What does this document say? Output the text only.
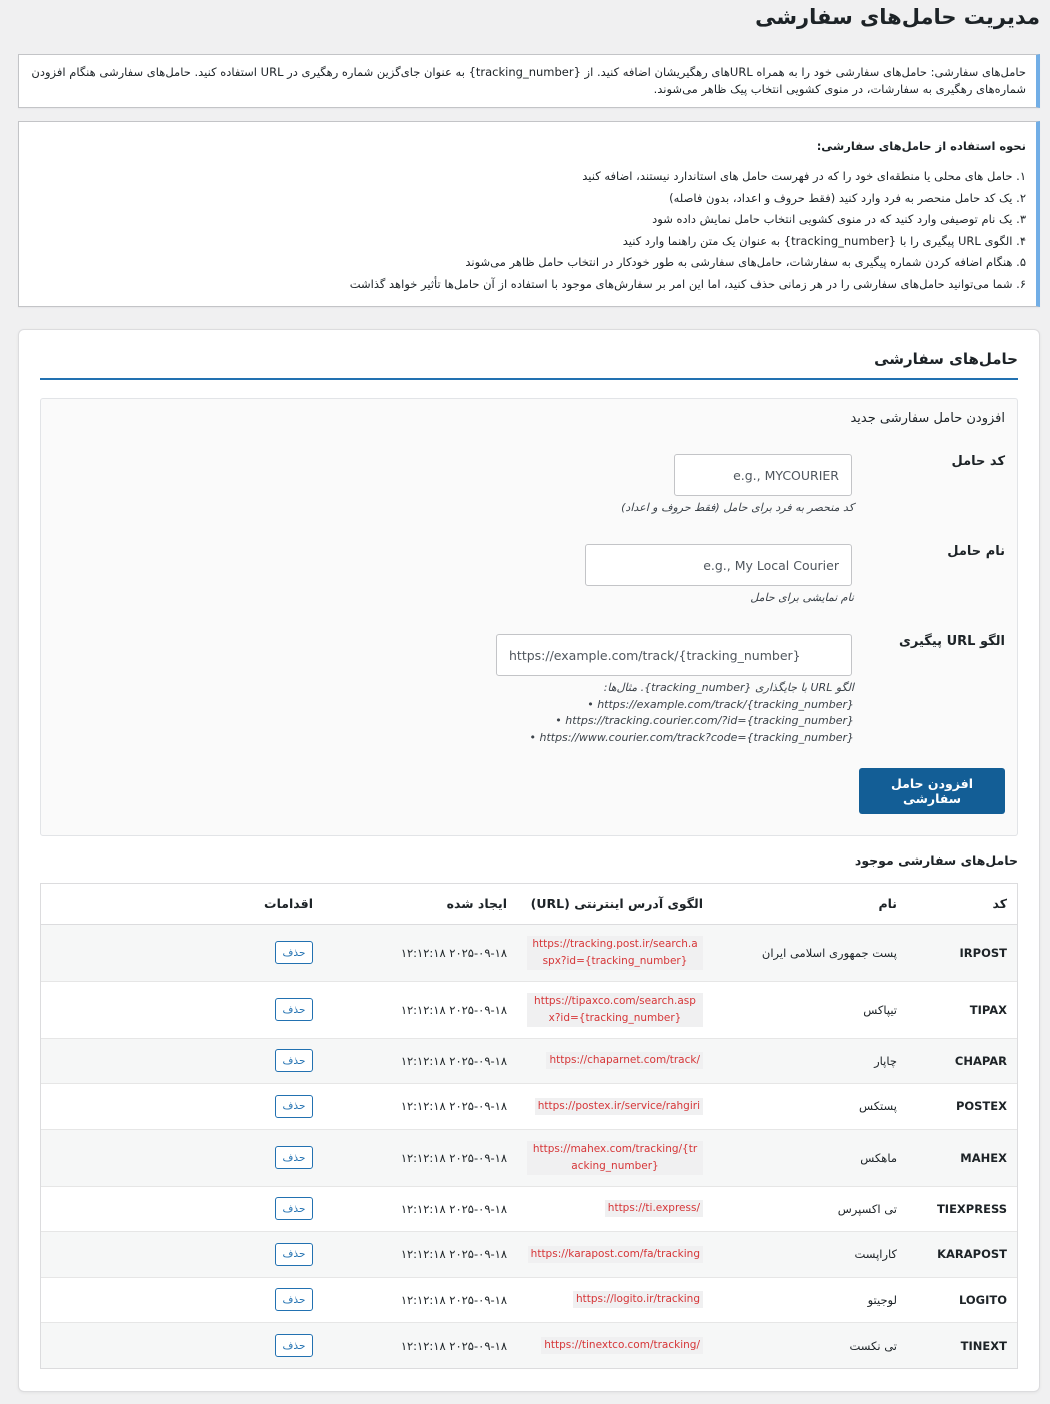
مدیریت حامل‌های سفارشی

حامل‌های سفارشی: حامل‌های سفارشی خود را به همراه URLهای رهگیریشان اضافه کنید. از {tracking_number} به عنوان جای‌گزین شماره رهگیری در URL استفاده کنید. حامل‌های سفارشی هنگام افزودن شماره‌های رهگیری به سفارشات، در منوی کشویی انتخاب پیک ظاهر می‌شوند.

نحوه استفاده از حامل‌های سفارشی:

۱. حامل های محلی یا منطقه‌ای خود را که در فهرست حامل های استاندارد نیستند، اضافه کنید
۲. یک کد حامل منحصر به فرد وارد کنید (فقط حروف و اعداد، بدون فاصله)
۳. یک نام توصیفی وارد کنید که در منوی کشویی انتخاب حامل نمایش داده شود
۴. الگوی URL پیگیری را با {tracking_number} به عنوان یک متن راهنما وارد کنید
۵. هنگام اضافه کردن شماره پیگیری به سفارشات، حامل‌های سفارشی به طور خودکار در انتخاب حامل ظاهر می‌شوند
۶. شما می‌توانید حامل‌های سفارشی را در هر زمانی حذف کنید، اما این امر بر سفارش‌های موجود با استفاده از آن حامل‌ها تأثیر خواهد گذاشت
حامل‌های سفارشی
افزودن حامل سفارشی جدید
کد حامل
e.g., MYCOURIER

کد منحصر به فرد برای حامل (فقط حروف و اعداد)

نام حامل
e.g., My Local Courier

نام نمایشی برای حامل

الگو URL پیگیری
https://example.com/track/{tracking_number}
الگو URL با جایگذاری {tracking_number}. مثال‌ها:
https://example.com/track/{tracking_number} •
https://tracking.courier.com/?id={tracking_number} •
https://www.courier.com/track?code={tracking_number} •
افزودن حامل سفارشی
حامل‌های سفارشی موجود
کد	نام	الگوی آدرس اینترنتی (URL)	ایجاد شده	اقدامات
IRPOST	پست جمهوری اسلامی ایران	https://tracking.post.ir/search.aspx?id={tracking_number}	۲۰۲۵-۰۹-۱۸ ۱۲:۱۲:۱۸	حذف
TIPAX	تیپاکس	https://tipaxco.com/search.aspx?id={tracking_number}	۲۰۲۵-۰۹-۱۸ ۱۲:۱۲:۱۸	حذف
CHAPAR	چاپار	https://chaparnet.com/track/	۲۰۲۵-۰۹-۱۸ ۱۲:۱۲:۱۸	حذف
POSTEX	پستکس	https://postex.ir/service/rahgiri	۲۰۲۵-۰۹-۱۸ ۱۲:۱۲:۱۸	حذف
MAHEX	ماهکس	https://mahex.com/tracking/{tracking_number}	۲۰۲۵-۰۹-۱۸ ۱۲:۱۲:۱۸	حذف
TIEXPRESS	تی اکسپرس	https://ti.express/	۲۰۲۵-۰۹-۱۸ ۱۲:۱۲:۱۸	حذف
KARAPOST	کاراپست	https://karapost.com/fa/tracking	۲۰۲۵-۰۹-۱۸ ۱۲:۱۲:۱۸	حذف
LOGITO	لوجیتو	https://logito.ir/tracking	۲۰۲۵-۰۹-۱۸ ۱۲:۱۲:۱۸	حذف
TINEXT	تی نکست	https://tinextco.com/tracking/	۲۰۲۵-۰۹-۱۸ ۱۲:۱۲:۱۸	حذف
